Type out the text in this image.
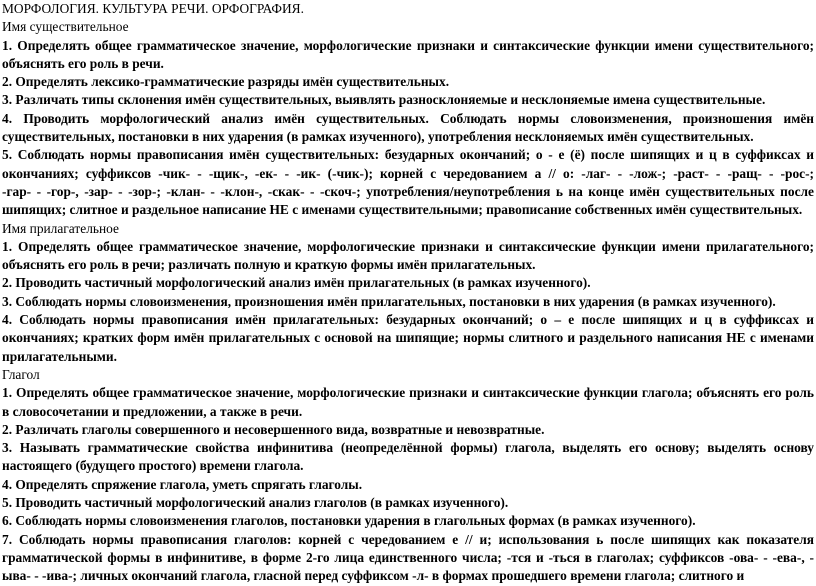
МОРФОЛОГИЯ. КУЛЬТУРА РЕЧИ. ОРФОГРАФИЯ.
Имя существительное
1. Определять общее грамматическое значение, морфологические признаки и синтаксические функции имени существительного;
объяснять его роль в речи.
2. Определять лексико-грамматические разряды имён существительных.
3. Различать типы склонения имён существительных, выявлять разносклоняемые и несклоняемые имена существительные.
4. Проводить морфологический анализ имён существительных. Соблюдать нормы словоизменения, произношения имён
существительных, постановки в них ударения (в рамках изученного), употребления несклоняемых имён существительных.
5. Соблюдать нормы правописания имён существительных: безударных окончаний; о - е (ё) после шипящих и ц в суффиксах и
окончаниях; суффиксов -чик- - -щик-, -ек- - -ик- (-чик-); корней с чередованием а // о: -лаг- - -лож-; -раст- - -ращ- - -рос-;
-гар- - -гор-, -зар- - -зор-; -клан- - -клон-, -скак- - -скоч-; употребления/неупотребления ь на конце имён существительных после
шипящих; слитное и раздельное написание НЕ с именами существительными; правописание собственных имён существительных.
Имя прилагательное
1. Определять общее грамматическое значение, морфологические признаки и синтаксические функции имени прилагательного;
объяснять его роль в речи; различать полную и краткую формы имён прилагательных.
2. Проводить частичный морфологический анализ имён прилагательных (в рамках изученного).
3. Соблюдать нормы словоизменения, произношения имён прилагательных, постановки в них ударения (в рамках изученного).
4. Соблюдать нормы правописания имён прилагательных: безударных окончаний; о – е после шипящих и ц в суффиксах и
окончаниях; кратких форм имён прилагательных с основой на шипящие; нормы слитного и раздельного написания НЕ с именами
прилагательными.
Глагол
1. Определять общее грамматическое значение, морфологические признаки и синтаксические функции глагола; объяснять его роль
в словосочетании и предложении, а также в речи.
2. Различать глаголы совершенного и несовершенного вида, возвратные и невозвратные.
3. Называть грамматические свойства инфинитива (неопределённой формы) глагола, выделять его основу; выделять основу
настоящего (будущего простого) времени глагола.
4. Определять спряжение глагола, уметь спрягать глаголы.
5. Проводить частичный морфологический анализ глаголов (в рамках изученного).
6. Соблюдать нормы словоизменения глаголов, постановки ударения в глагольных формах (в рамках изученного).
7. Соблюдать нормы правописания глаголов: корней с чередованием е // и; использования ь после шипящих как показателя
грамматической формы в инфинитиве, в форме 2-го лица единственного числа; -тся и -ться в глаголах; суффиксов -ова- - -ева-, -
ыва- - -ива-; личных окончаний глагола, гласной перед суффиксом -л- в формах прошедшего времени глагола; слитного и
